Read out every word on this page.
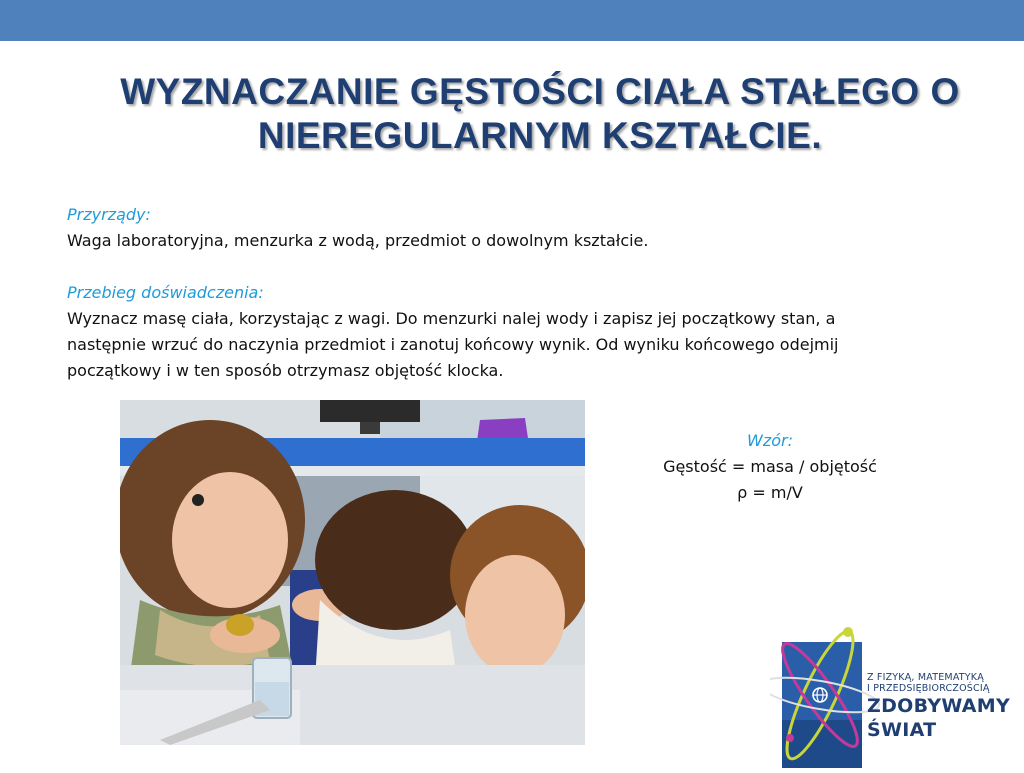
WYZNACZANIE GĘSTOŚCI CIAŁA STAŁEGO O
NIEREGULARNYM KSZTAŁCIE.
Przyrządy:
Waga laboratoryjna, menzurka z wodą, przedmiot o dowolnym kształcie.
Przebieg doświadczenia:
Wyznacz masę ciała, korzystając z wagi. Do menzurki nalej wody i zapisz jej początkowy stan, a
następnie wrzuć do naczynia przedmiot i zanotuj końcowy wynik. Od wyniku końcowego odejmij
początkowy i w ten sposób otrzymasz objętość klocka.
Wzór:
Gęstość = masa / objętość
ρ = m/V
Z FIZYKĄ, MATEMATYKĄ
I PRZEDSIĘBIORCZOŚCIĄ
ZDOBYWAMY
ŚWIAT
